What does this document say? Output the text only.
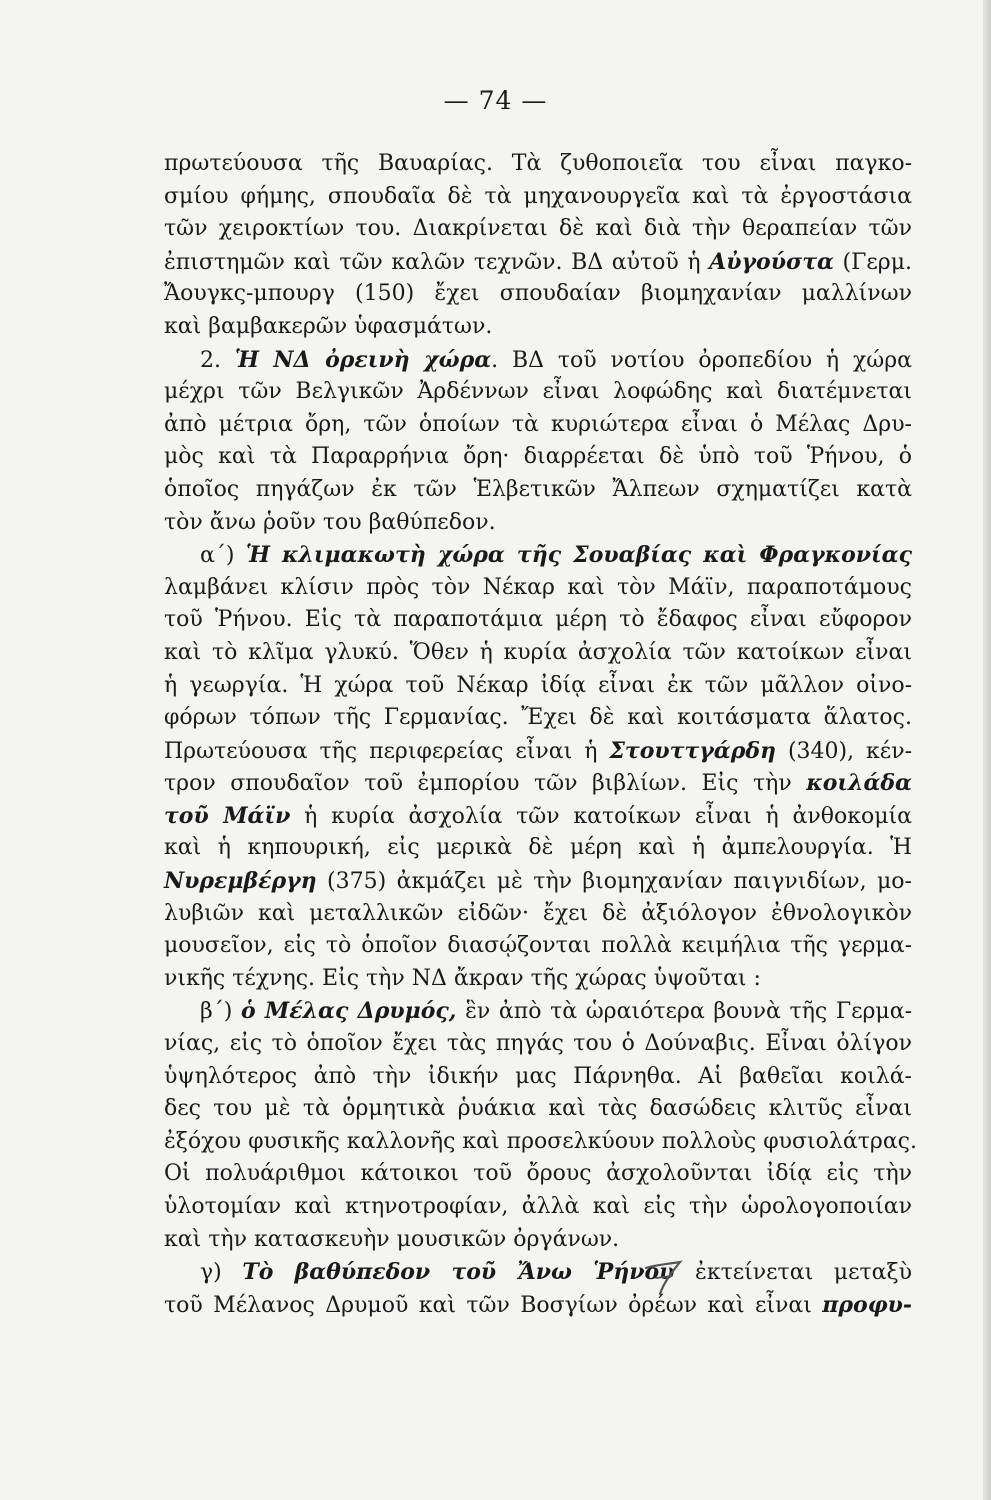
— 74 —
πρωτεύουσα τῆς Βαυαρίας. Τὰ ζυθοποιεῖα του εἶναι παγκο-
σμίου φήμης, σπουδαῖα δὲ τὰ μηχανουργεῖα καὶ τὰ ἐργοστάσια
τῶν χειροκτίων του. Διακρίνεται δὲ καὶ διὰ τὴν θεραπείαν τῶν
ἐπιστημῶν καὶ τῶν καλῶν τεχνῶν. ΒΔ αὐτοῦ ἡ Αὐγούστα (Γερμ.
Ἄουγκς-μπουργ (150) ἔχει σπουδαίαν βιομηχανίαν μαλλίνων
καὶ βαμβακερῶν ὑφασμάτων.
2. Ἡ ΝΔ ὀρεινὴ χώρα. ΒΔ τοῦ νοτίου ὀροπεδίου ἡ χώρα
μέχρι τῶν Βελγικῶν Ἀρδέννων εἶναι λοφώδης καὶ διατέμνεται
ἀπὸ μέτρια ὄρη, τῶν ὁποίων τὰ κυριώτερα εἶναι ὁ Μέλας Δρυ-
μὸς καὶ τὰ Παραρρήνια ὄρη· διαρρέεται δὲ ὑπὸ τοῦ Ῥήνου, ὁ
ὁποῖος πηγάζων ἐκ τῶν Ἑλβετικῶν Ἄλπεων σχηματίζει κατὰ
τὸν ἄνω ῥοῦν του βαθύπεδον.
α΄) Ἡ κλιμακωτὴ χώρα τῆς Σουαβίας καὶ Φραγκονίας
λαμβάνει κλίσιν πρὸς τὸν Νέκαρ καὶ τὸν Μάϊν, παραποτάμους
τοῦ Ῥήνου. Εἰς τὰ παραποτάμια μέρη τὸ ἔδαφος εἶναι εὔφορον
καὶ τὸ κλῖμα γλυκύ. Ὅθεν ἡ κυρία ἀσχολία τῶν κατοίκων εἶναι
ἡ γεωργία. Ἡ χώρα τοῦ Νέκαρ ἰδίᾳ εἶναι ἐκ τῶν μᾶλλον οἰνο-
φόρων τόπων τῆς Γερμανίας. Ἔχει δὲ καὶ κοιτάσματα ἅλατος.
Πρωτεύουσα τῆς περιφερείας εἶναι ἡ Στουττγάρδη (340), κέν-
τρον σπουδαῖον τοῦ ἐμπορίου τῶν βιβλίων. Εἰς τὴν κοιλάδα
τοῦ Μάϊν ἡ κυρία ἀσχολία τῶν κατοίκων εἶναι ἡ ἀνθοκομία
καὶ ἡ κηπουρική, εἰς μερικὰ δὲ μέρη καὶ ἡ ἀμπελουργία. Ἡ
Νυρεμβέργη (375) ἀκμάζει μὲ τὴν βιομηχανίαν παιγνιδίων, μο-
λυβιῶν καὶ μεταλλικῶν εἰδῶν· ἔχει δὲ ἀξιόλογον ἐθνολογικὸν
μουσεῖον, εἰς τὸ ὁποῖον διασῴζονται πολλὰ κειμήλια τῆς γερμα-
νικῆς τέχνης. Εἰς τὴν ΝΔ ἄκραν τῆς χώρας ὑψοῦται :
β΄) ὁ Μέλας Δρυμός, ἓν ἀπὸ τὰ ὡραιότερα βουνὰ τῆς Γερμα-
νίας, εἰς τὸ ὁποῖον ἔχει τὰς πηγάς του ὁ Δούναβις. Εἶναι ὀλίγον
ὑψηλότερος ἀπὸ τὴν ἰδικήν μας Πάρνηθα. Αἱ βαθεῖαι κοιλά-
δες του μὲ τὰ ὁρμητικὰ ῥυάκια καὶ τὰς δασώδεις κλιτῦς εἶναι
ἐξόχου φυσικῆς καλλονῆς καὶ προσελκύουν πολλοὺς φυσιολάτρας.
Οἱ πολυάριθμοι κάτοικοι τοῦ ὄρους ἀσχολοῦνται ἰδίᾳ εἰς τὴν
ὑλοτομίαν καὶ κτηνοτροφίαν, ἀλλὰ καὶ εἰς τὴν ὡρολογοποιίαν
καὶ τὴν κατασκευὴν μουσικῶν ὀργάνων.
γ) Τὸ βαθύπεδον τοῦ Ἄνω Ῥήνου ἐκτείνεται μεταξὺ
τοῦ Μέλανος Δρυμοῦ καὶ τῶν Βοσγίων ὀρέων καὶ εἶναι προφυ-
